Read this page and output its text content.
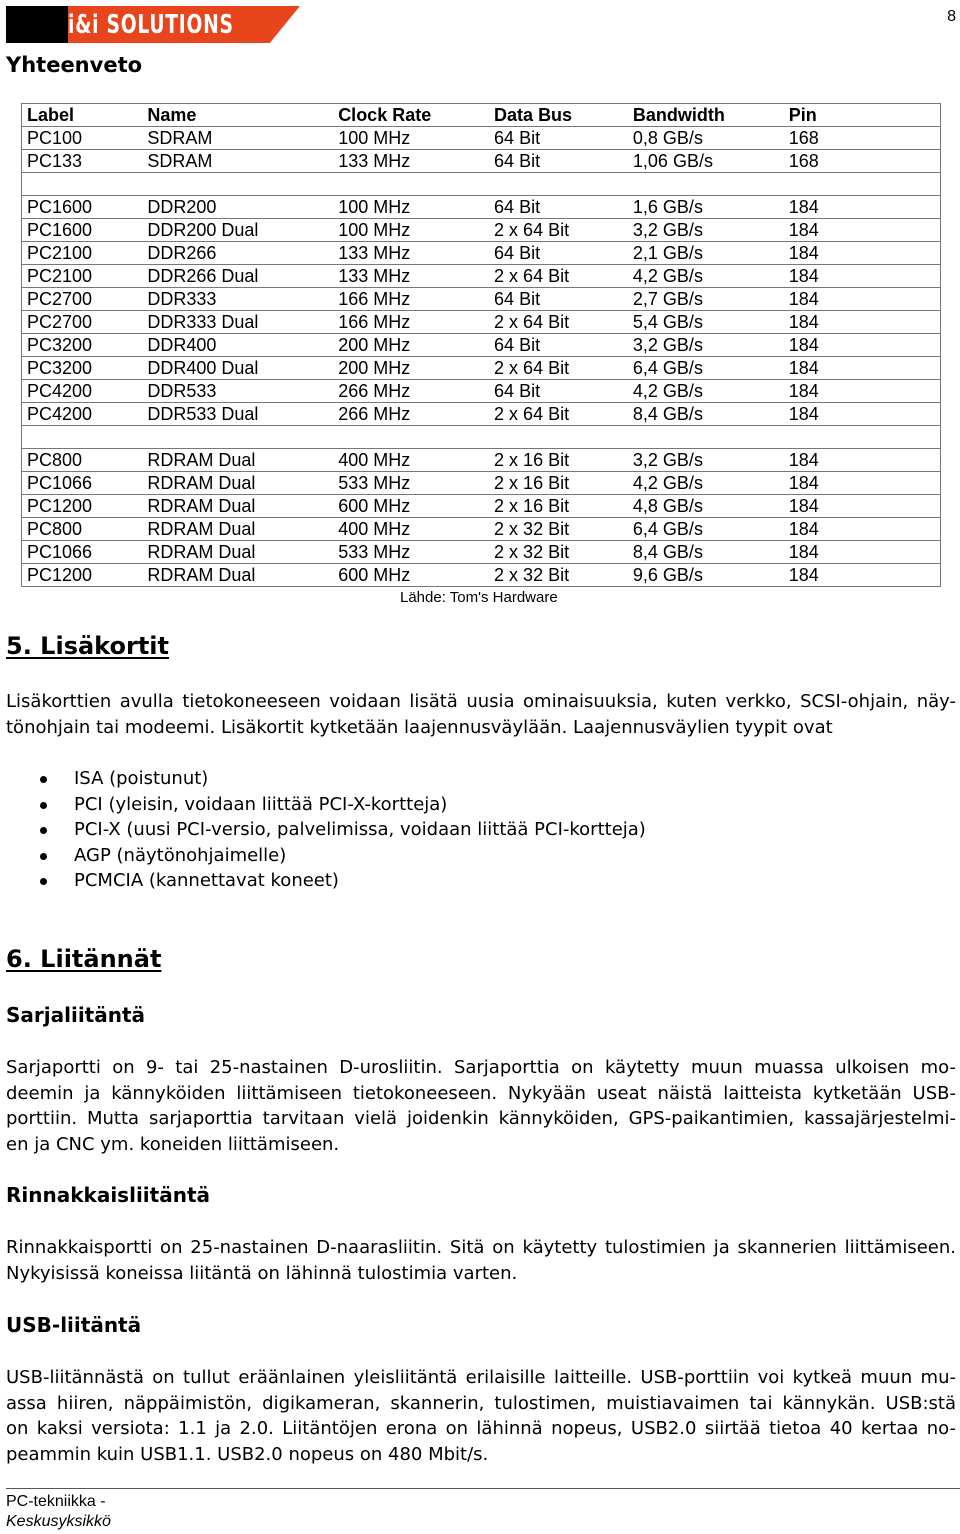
i&i SOLUTIONS	8
Yhteenveto
Label	Name	Clock Rate	Data Bus	Bandwidth	Pin
PC100	SDRAM	100 MHz	64 Bit	0,8 GB/s	168
PC133	SDRAM	133 MHz	64 Bit	1,06 GB/s	168

PC1600	DDR200	100 MHz	64 Bit	1,6 GB/s	184
PC1600	DDR200 Dual	100 MHz	2 x 64 Bit	3,2 GB/s	184
PC2100	DDR266	133 MHz	64 Bit	2,1 GB/s	184
PC2100	DDR266 Dual	133 MHz	2 x 64 Bit	4,2 GB/s	184
PC2700	DDR333	166 MHz	64 Bit	2,7 GB/s	184
PC2700	DDR333 Dual	166 MHz	2 x 64 Bit	5,4 GB/s	184
PC3200	DDR400	200 MHz	64 Bit	3,2 GB/s	184
PC3200	DDR400 Dual	200 MHz	2 x 64 Bit	6,4 GB/s	184
PC4200	DDR533	266 MHz	64 Bit	4,2 GB/s	184
PC4200	DDR533 Dual	266 MHz	2 x 64 Bit	8,4 GB/s	184

PC800	RDRAM Dual	400 MHz	2 x 16 Bit	3,2 GB/s	184
PC1066	RDRAM Dual	533 MHz	2 x 16 Bit	4,2 GB/s	184
PC1200	RDRAM Dual	600 MHz	2 x 16 Bit	4,8 GB/s	184
PC800	RDRAM Dual	400 MHz	2 x 32 Bit	6,4 GB/s	184
PC1066	RDRAM Dual	533 MHz	2 x 32 Bit	8,4 GB/s	184
PC1200	RDRAM Dual	600 MHz	2 x 32 Bit	9,6 GB/s	184
Lähde: Tom's Hardware
5. Lisäkortit
Lisäkorttien avulla tietokoneeseen voidaan lisätä uusia ominaisuuksia, kuten verkko, SCSI-ohjain, näy-
tönohjain tai modeemi. Lisäkortit kytketään laajennusväylään. Laajennusväylien tyypit ovat
ISA (poistunut)
PCI (yleisin, voidaan liittää PCI-X-kortteja)
PCI-X (uusi PCI-versio, palvelimissa, voidaan liittää PCI-kortteja)
AGP (näytönohjaimelle)
PCMCIA (kannettavat koneet)
6. Liitännät
Sarjaliitäntä
Sarjaportti on 9- tai 25-nastainen D-urosliitin. Sarjaporttia on käytetty muun muassa ulkoisen mo-
deemin ja kännyköiden liittämiseen tietokoneeseen. Nykyään useat näistä laitteista kytketään USB-
porttiin. Mutta sarjaporttia tarvitaan vielä joidenkin kännyköiden, GPS-paikantimien, kassajärjestelmi-
en ja CNC ym. koneiden liittämiseen.
Rinnakkaisliitäntä
Rinnakkaisportti on 25-nastainen D-naarasliitin. Sitä on käytetty tulostimien ja skannerien liittämiseen.
Nykyisissä koneissa liitäntä on lähinnä tulostimia varten.
USB-liitäntä
USB-liitännästä on tullut eräänlainen yleisliitäntä erilaisille laitteille. USB-porttiin voi kytkeä muun mu-
assa hiiren, näppäimistön, digikameran, skannerin, tulostimen, muistiavaimen tai kännykän. USB:stä
on kaksi versiota: 1.1 ja 2.0. Liitäntöjen erona on lähinnä nopeus, USB2.0 siirtää tietoa 40 kertaa no-
peammin kuin USB1.1. USB2.0 nopeus on 480 Mbit/s.
PC-tekniikka -
Keskusyksikkö
